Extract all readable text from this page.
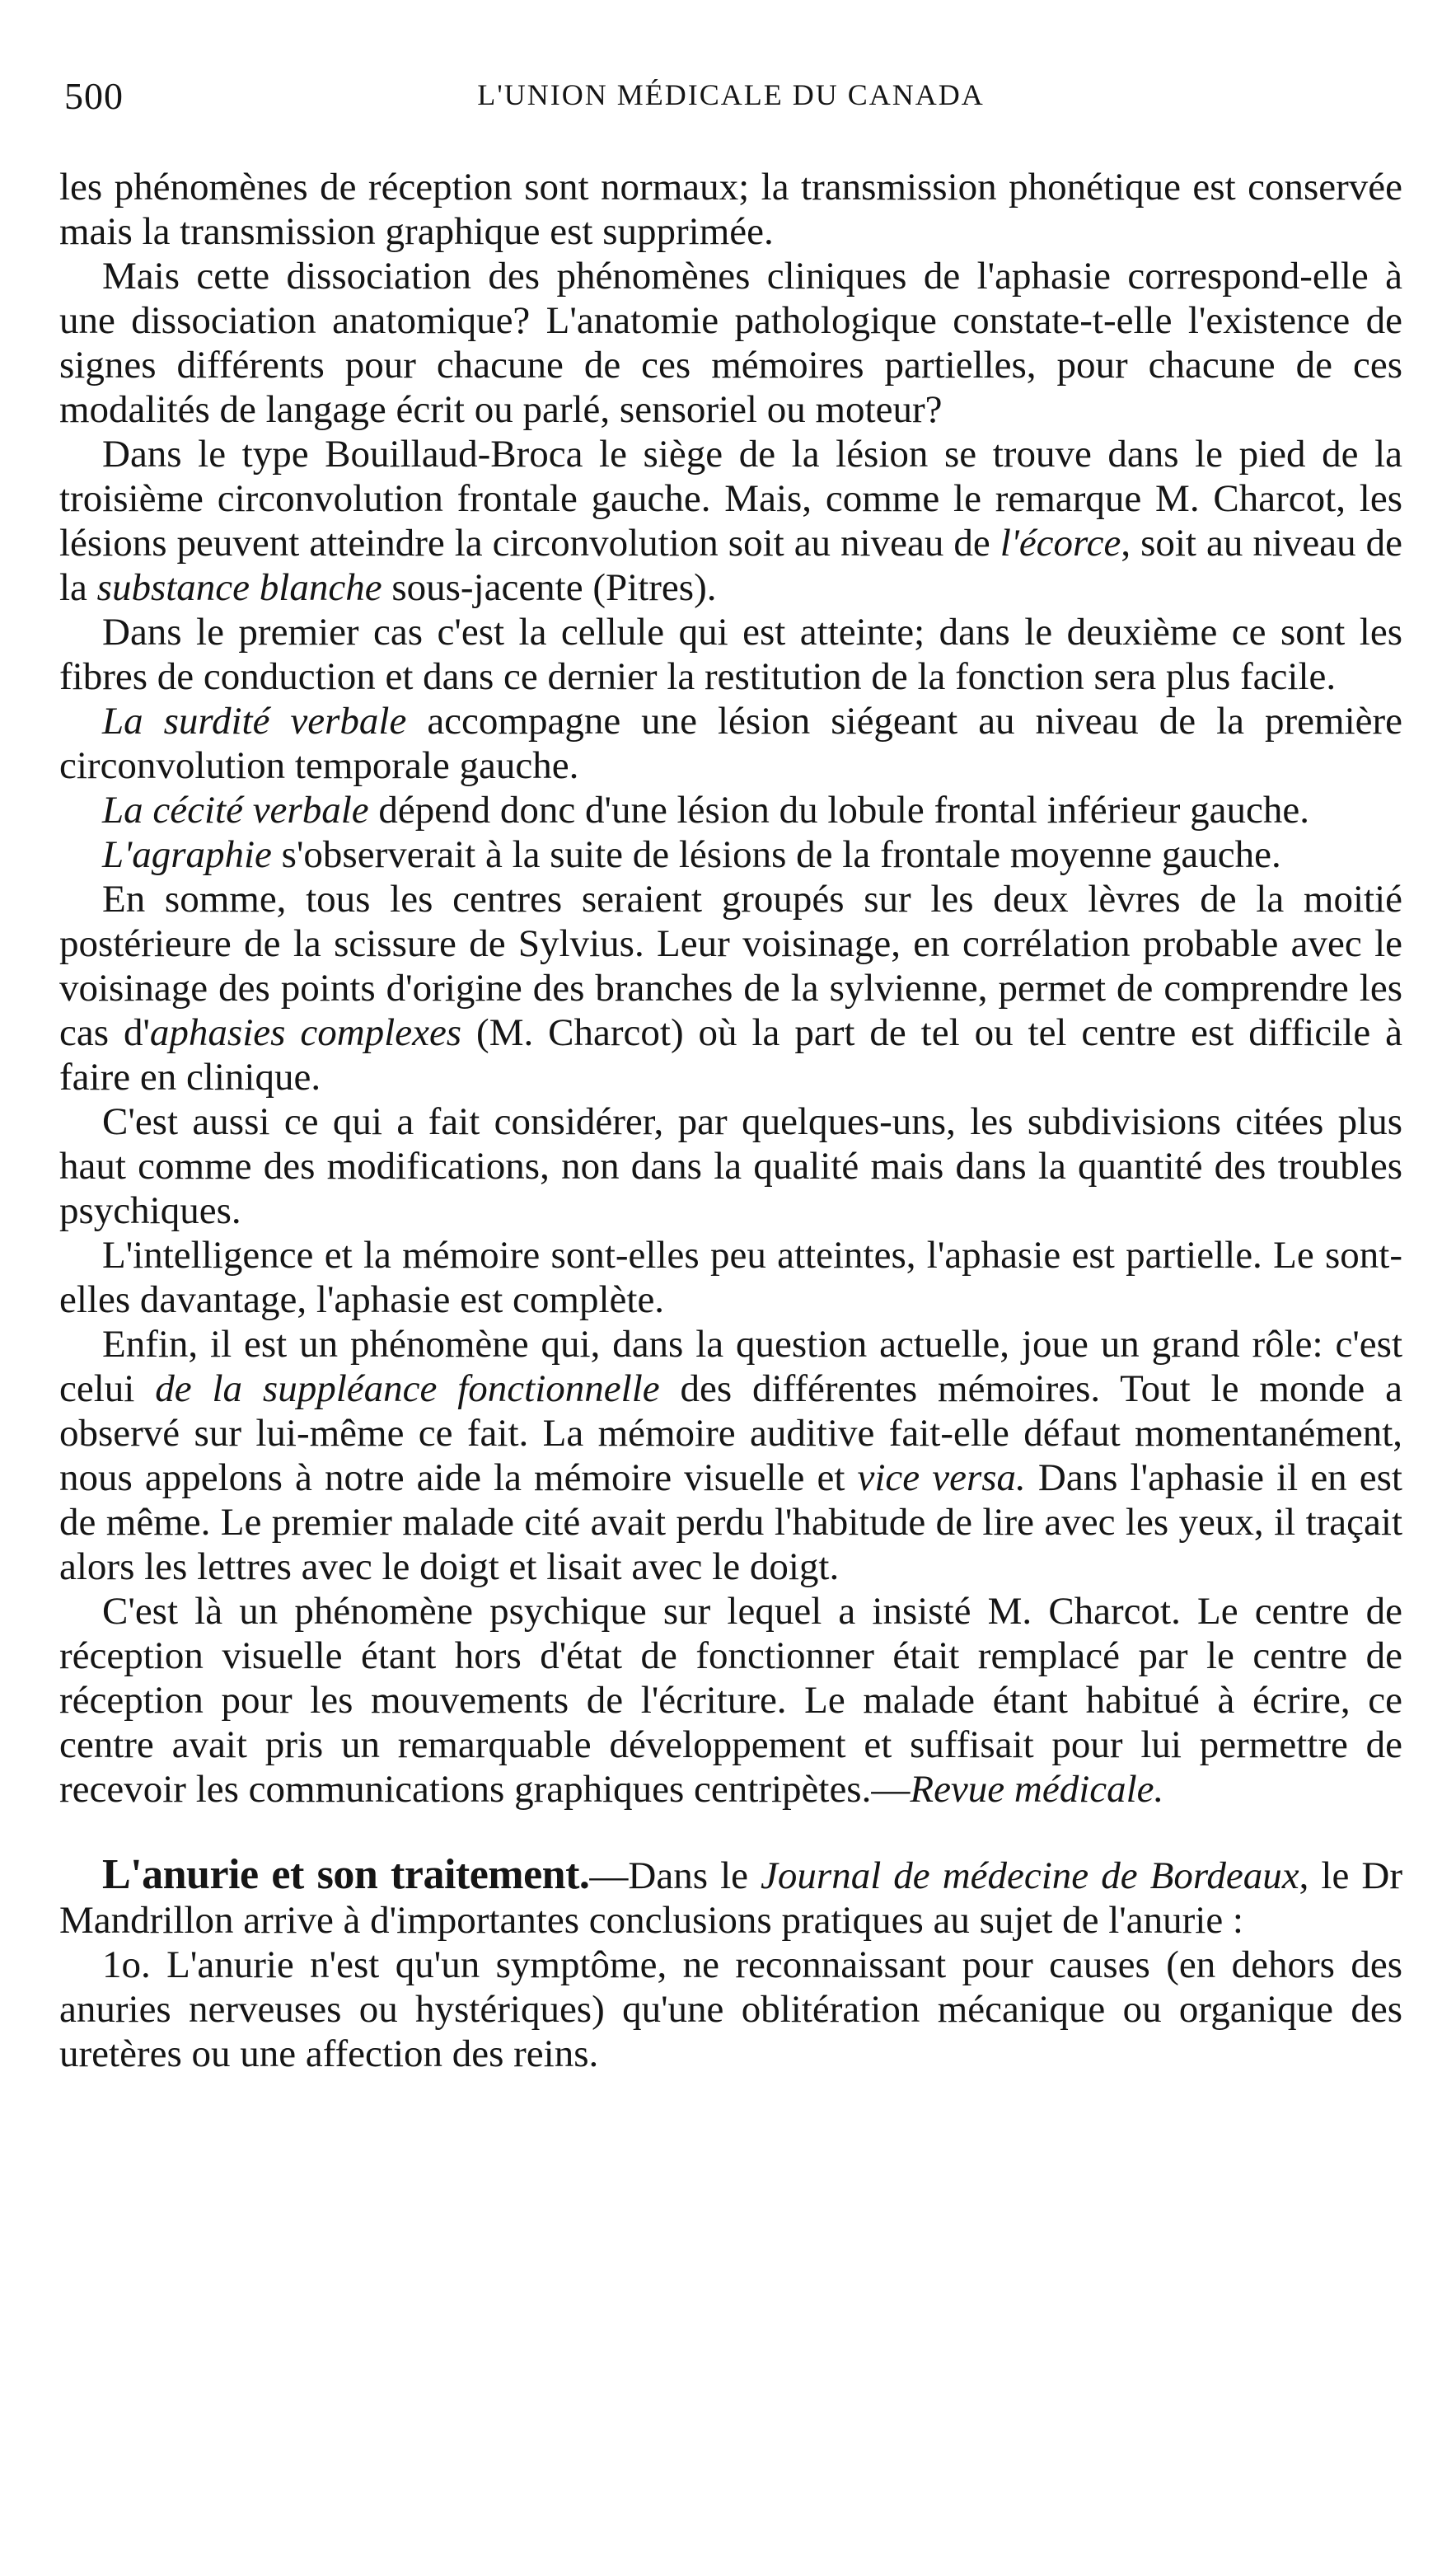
500	L'UNION MÉDICALE DU CANADA

les phénomènes de réception sont normaux; la transmission phonétique est conservée mais la transmission graphique est supprimée.

Mais cette dissociation des phénomènes cliniques de l'aphasie correspond-elle à une dissociation anatomique? L'anatomie pathologique constate-t-elle l'existence de signes différents pour chacune de ces mémoires partielles, pour chacune de ces modalités de langage écrit ou parlé, sensoriel ou moteur?

Dans le type Bouillaud-Broca le siège de la lésion se trouve dans le pied de la troisième circonvolution frontale gauche. Mais, comme le remarque M. Charcot, les lésions peuvent atteindre la circonvolution soit au niveau de l'écorce, soit au niveau de la substance blanche sous-jacente (Pitres).

Dans le premier cas c'est la cellule qui est atteinte; dans le deuxième ce sont les fibres de conduction et dans ce dernier la restitution de la fonction sera plus facile.

La surdité verbale accompagne une lésion siégeant au niveau de la première circonvolution temporale gauche.

La cécité verbale dépend donc d'une lésion du lobule frontal inférieur gauche.

L'agraphie s'observerait à la suite de lésions de la frontale moyenne gauche.

En somme, tous les centres seraient groupés sur les deux lèvres de la moitié postérieure de la scissure de Sylvius. Leur voisinage, en corrélation probable avec le voisinage des points d'origine des branches de la sylvienne, permet de comprendre les cas d'aphasies complexes (M. Charcot) où la part de tel ou tel centre est difficile à faire en clinique.

C'est aussi ce qui a fait considérer, par quelques-uns, les subdivisions citées plus haut comme des modifications, non dans la qualité mais dans la quantité des troubles psychiques.

L'intelligence et la mémoire sont-elles peu atteintes, l'aphasie est partielle. Le sont-elles davantage, l'aphasie est complète.

Enfin, il est un phénomène qui, dans la question actuelle, joue un grand rôle: c'est celui de la suppléance fonctionnelle des différentes mémoires. Tout le monde a observé sur lui-même ce fait. La mémoire auditive fait-elle défaut momentanément, nous appelons à notre aide la mémoire visuelle et vice versa. Dans l'aphasie il en est de même. Le premier malade cité avait perdu l'habitude de lire avec les yeux, il traçait alors les lettres avec le doigt et lisait avec le doigt.

C'est là un phénomène psychique sur lequel a insisté M. Charcot. Le centre de réception visuelle étant hors d'état de fonctionner était remplacé par le centre de réception pour les mouvements de l'écriture. Le malade étant habitué à écrire, ce centre avait pris un remarquable développement et suffisait pour lui permettre de recevoir les communications graphiques centripètes.—Revue médicale.

L'anurie et son traitement.—Dans le Journal de médecine de Bordeaux, le Dr Mandrillon arrive à d'importantes conclusions pratiques au sujet de l'anurie :

1o. L'anurie n'est qu'un symptôme, ne reconnaissant pour causes (en dehors des anuries nerveuses ou hystériques) qu'une oblitération mécanique ou organique des uretères ou une affection des reins.
